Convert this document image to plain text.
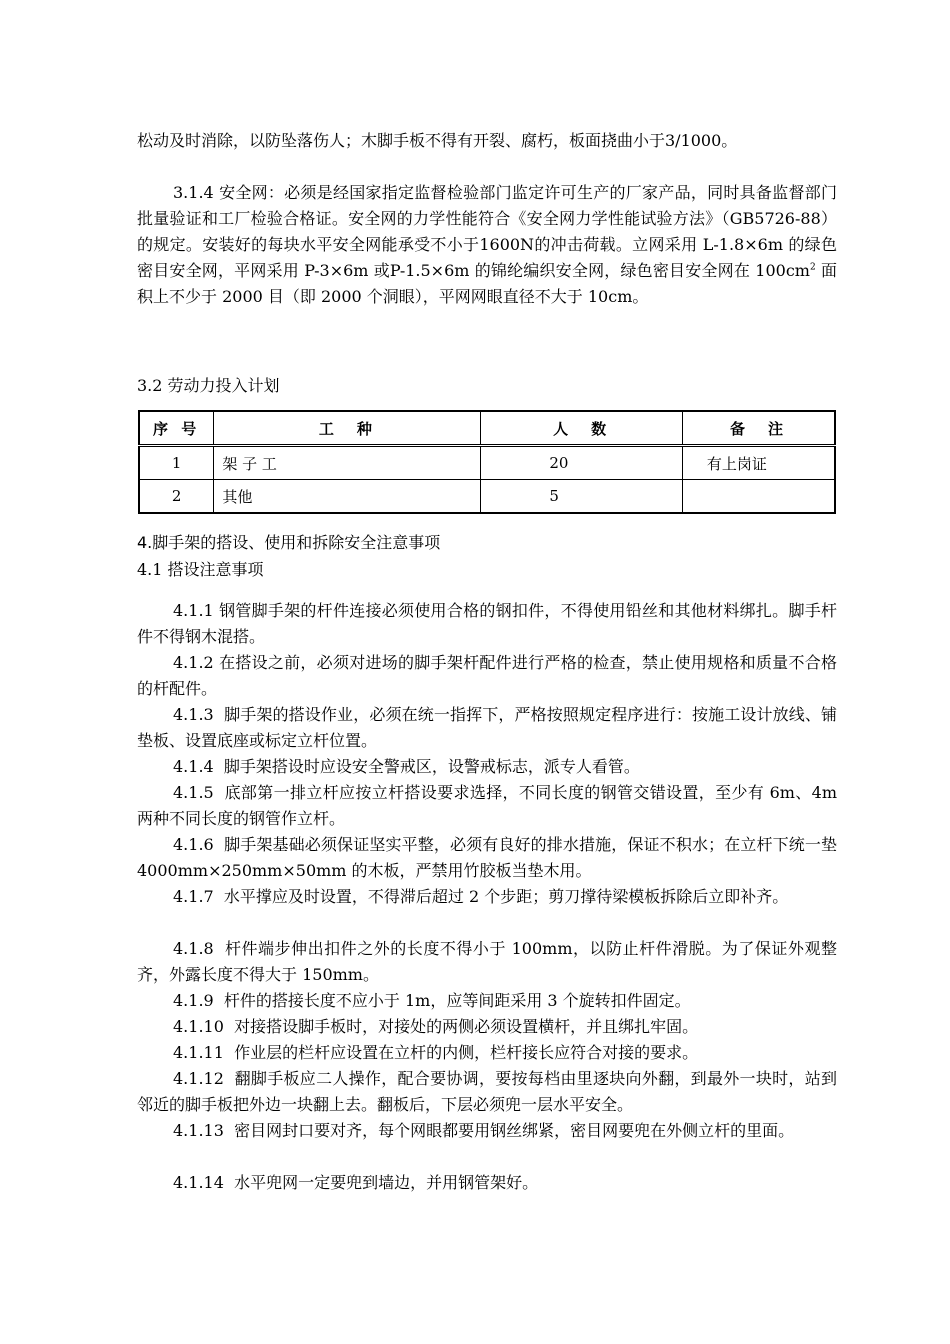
松动及时消除，以防坠落伤人；木脚手板不得有开裂、腐朽，板面挠曲小于3/1000。

3.1.4 安全网：必须是经国家指定监督检验部门监定许可生产的厂家产品，同时具备监督部门批量验证和工厂检验合格证。安全网的力学性能符合《安全网力学性能试验方法》（GB5726-88）的规定。安装好的每块水平安全网能承受不小于1600N的冲击荷载。立网采用 L-1.8×6m 的绿色密目安全网，平网采用 P-3×6m 或P-1.5×6m 的锦纶编织安全网，绿色密目安全网在 $100cm^2$ 面积上不少于 2000 目（即 2000 个洞眼），平网网眼直径不大于 10cm。

3.2 劳动力投入计划

序 号	工　种	人　数	备　注
1	架 子 工	20	有上岗证
2	其他	5	

4.脚手架的搭设、使用和拆除安全注意事项

4.1 搭设注意事项

4.1.1 钢管脚手架的杆件连接必须使用合格的钢扣件，不得使用铅丝和其他材料绑扎。脚手杆件不得钢木混搭。

4.1.2 在搭设之前，必须对进场的脚手架杆配件进行严格的检查，禁止使用规格和质量不合格的杆配件。

4.1.3  脚手架的搭设作业，必须在统一指挥下，严格按照规定程序进行：按施工设计放线、铺垫板、设置底座或标定立杆位置。

4.1.4  脚手架搭设时应设安全警戒区，设警戒标志，派专人看管。

4.1.5  底部第一排立杆应按立杆搭设要求选择，不同长度的钢管交错设置，至少有 6m、4m 两种不同长度的钢管作立杆。

4.1.6  脚手架基础必须保证坚实平整，必须有良好的排水措施，保证不积水；在立杆下统一垫 4000mm×250mm×50mm 的木板，严禁用竹胶板当垫木用。

4.1.7  水平撑应及时设置，不得滞后超过 2 个步距；剪刀撑待梁模板拆除后立即补齐。

4.1.8  杆件端步伸出扣件之外的长度不得小于 100mm，以防止杆件滑脱。为了保证外观整齐，外露长度不得大于 150mm。

4.1.9  杆件的搭接长度不应小于 1m，应等间距采用 3 个旋转扣件固定。

4.1.10  对接搭设脚手板时，对接处的两侧必须设置横杆，并且绑扎牢固。

4.1.11  作业层的栏杆应设置在立杆的内侧，栏杆接长应符合对接的要求。

4.1.12  翻脚手板应二人操作，配合要协调，要按每档由里逐块向外翻，到最外一块时，站到邻近的脚手板把外边一块翻上去。翻板后，下层必须兜一层水平安全。

4.1.13  密目网封口要对齐，每个网眼都要用钢丝绑紧，密目网要兜在外侧立杆的里面。

4.1.14  水平兜网一定要兜到墙边，并用钢管架好。
